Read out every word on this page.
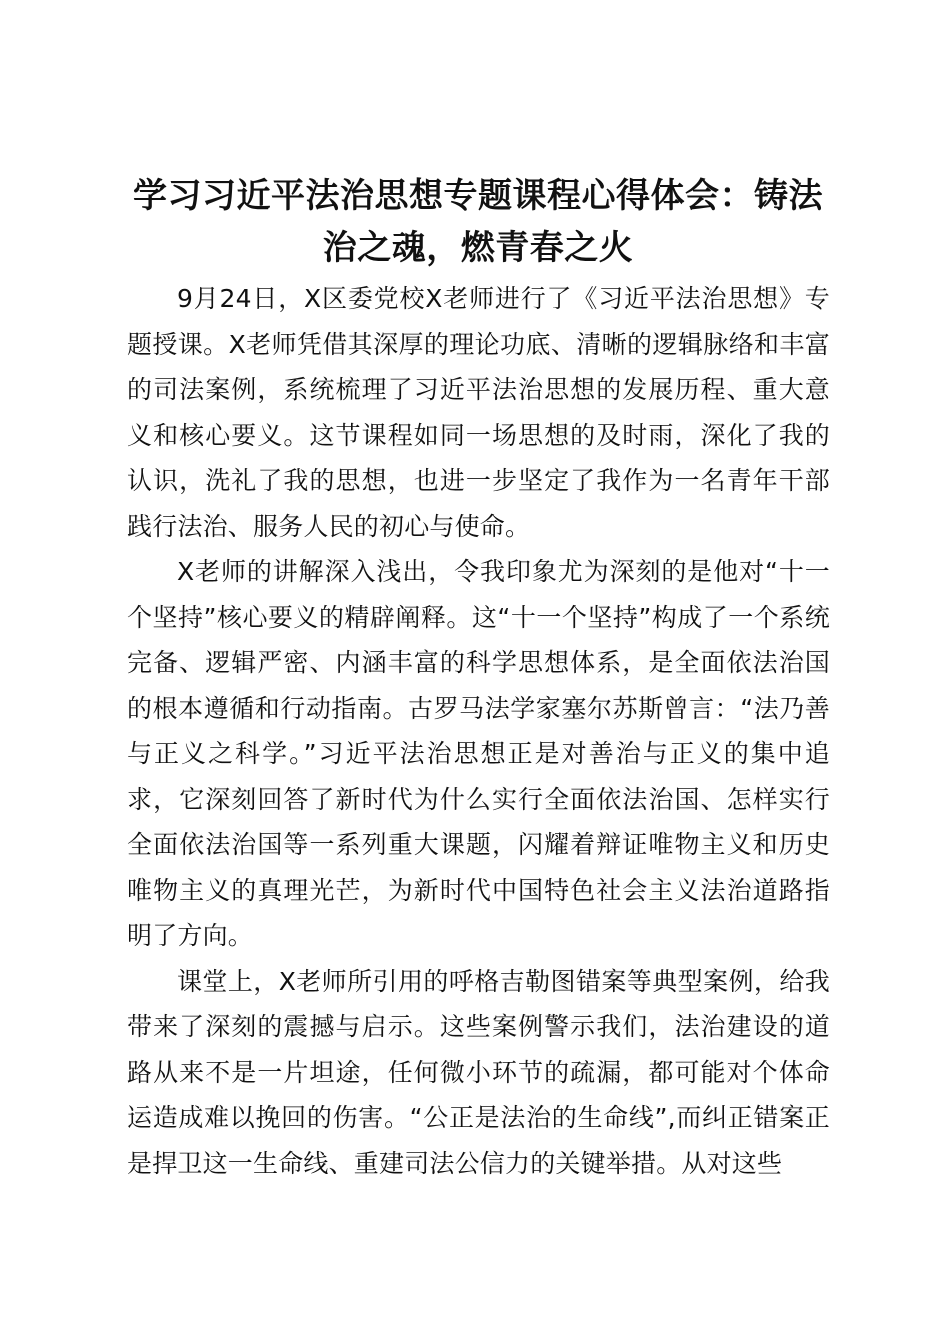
学习习近平法治思想专题课程心得体会：铸法治之魂，燃青春之火

9月24日，X区委党校X老师进行了《习近平法治思想》专题授课。X老师凭借其深厚的理论功底、清晰的逻辑脉络和丰富的司法案例，系统梳理了习近平法治思想的发展历程、重大意义和核心要义。这节课程如同一场思想的及时雨，深化了我的认识，洗礼了我的思想，也进一步坚定了我作为一名青年干部践行法治、服务人民的初心与使命。

X老师的讲解深入浅出，令我印象尤为深刻的是他对“十一个坚持”核心要义的精辟阐释。这“十一个坚持”构成了一个系统完备、逻辑严密、内涵丰富的科学思想体系，是全面依法治国的根本遵循和行动指南。古罗马法学家塞尔苏斯曾言：“法乃善与正义之科学。”习近平法治思想正是对善治与正义的集中追求，它深刻回答了新时代为什么实行全面依法治国、怎样实行全面依法治国等一系列重大课题，闪耀着辩证唯物主义和历史唯物主义的真理光芒，为新时代中国特色社会主义法治道路指明了方向。

课堂上，X老师所引用的呼格吉勒图错案等典型案例，给我带来了深刻的震撼与启示。这些案例警示我们，法治建设的道路从来不是一片坦途，任何微小环节的疏漏，都可能对个体命运造成难以挽回的伤害。“公正是法治的生命线”,而纠正错案正是捍卫这一生命线、重建司法公信力的关键举措。从对这些
